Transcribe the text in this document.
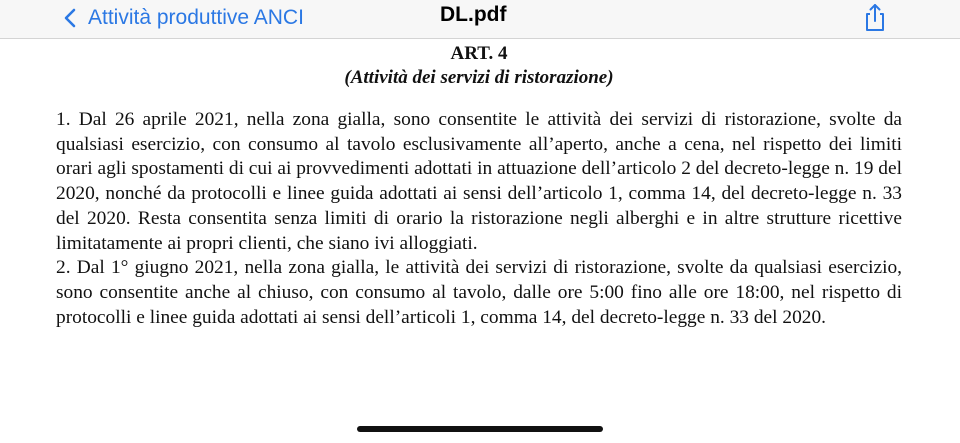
Attività produttive ANCI	DL.pdf
ART. 4
(Attività dei servizi di ristorazione)

1. Dal 26 aprile 2021, nella zona gialla, sono consentite le attività dei servizi di ristorazione, svolte da qualsiasi esercizio, con consumo al tavolo esclusivamente all’aperto, anche a cena, nel rispetto dei limiti orari agli spostamenti di cui ai provvedimenti adottati in attuazione dell’articolo 2 del decreto-legge n. 19 del 2020, nonché da protocolli e linee guida adottati ai sensi dell’articolo 1, comma 14, del decreto-legge n. 33 del 2020. Resta consentita senza limiti di orario la ristorazione negli alberghi e in altre strutture ricettive limitatamente ai propri clienti, che siano ivi alloggiati.

2. Dal 1° giugno 2021, nella zona gialla, le attività dei servizi di ristorazione, svolte da qualsiasi esercizio, sono consentite anche al chiuso, con consumo al tavolo, dalle ore 5:00 fino alle ore 18:00, nel rispetto di protocolli e linee guida adottati ai sensi dell’articoli 1, comma 14, del decreto-legge n. 33 del 2020.
